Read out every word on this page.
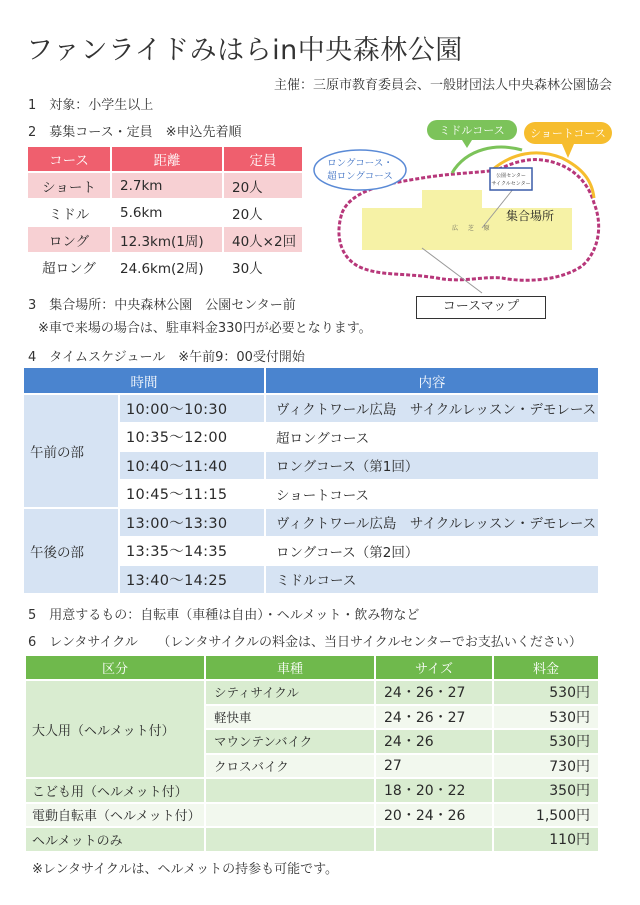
ファンライドみはらin中央森林公園
主催：三原市教育委員会、一般財団法人中央森林公園協会
1　対象：小学生以上
2　募集コース・定員　※申込先着順
コース	距離	定員
ショート	2.7km	20人
ミドル	5.6km	20人
ロング	12.3km(1周)	40人×2回
超ロング	24.6km(2周)	30人
公園センター
サイクルセンター
集合場所
広 　 芝 　 原
ミドルコース ショートコース
ロングコース・
超ロングコース
コースマップ
3　集合場所：中央森林公園　公園センター前
※車で来場の場合は、駐車料金330円が必要となります。
4　タイムスケジュール　※午前9：00受付開始
時間		内容
午前の部	10:00～10:30	ヴィクトワール広島　サイクルレッスン・デモレース
	10:35～12:00	超ロングコース
	10:40～11:40	ロングコース（第1回）
	10:45～11:15	ショートコース
午後の部	13:00～13:30	ヴィクトワール広島　サイクルレッスン・デモレース
	13:35～14:35	ロングコース（第2回）
	13:40～14:25	ミドルコース
5　用意するもの：自転車（車種は自由）・ヘルメット・飲み物など
6　レンタサイクル　　（レンタサイクルの料金は、当日サイクルセンターでお支払いください）
区分	車種	サイズ	料金
大人用（ヘルメット付）	シティサイクル	24・26・27	530円
	軽快車	24・26・27	530円
	マウンテンバイク	24・26	530円
	クロスバイク	27	730円
こども用（ヘルメット付）		18・20・22	350円
電動自転車（ヘルメット付）		20・24・26	1,500円
ヘルメットのみ			110円
※レンタサイクルは、ヘルメットの持参も可能です。
